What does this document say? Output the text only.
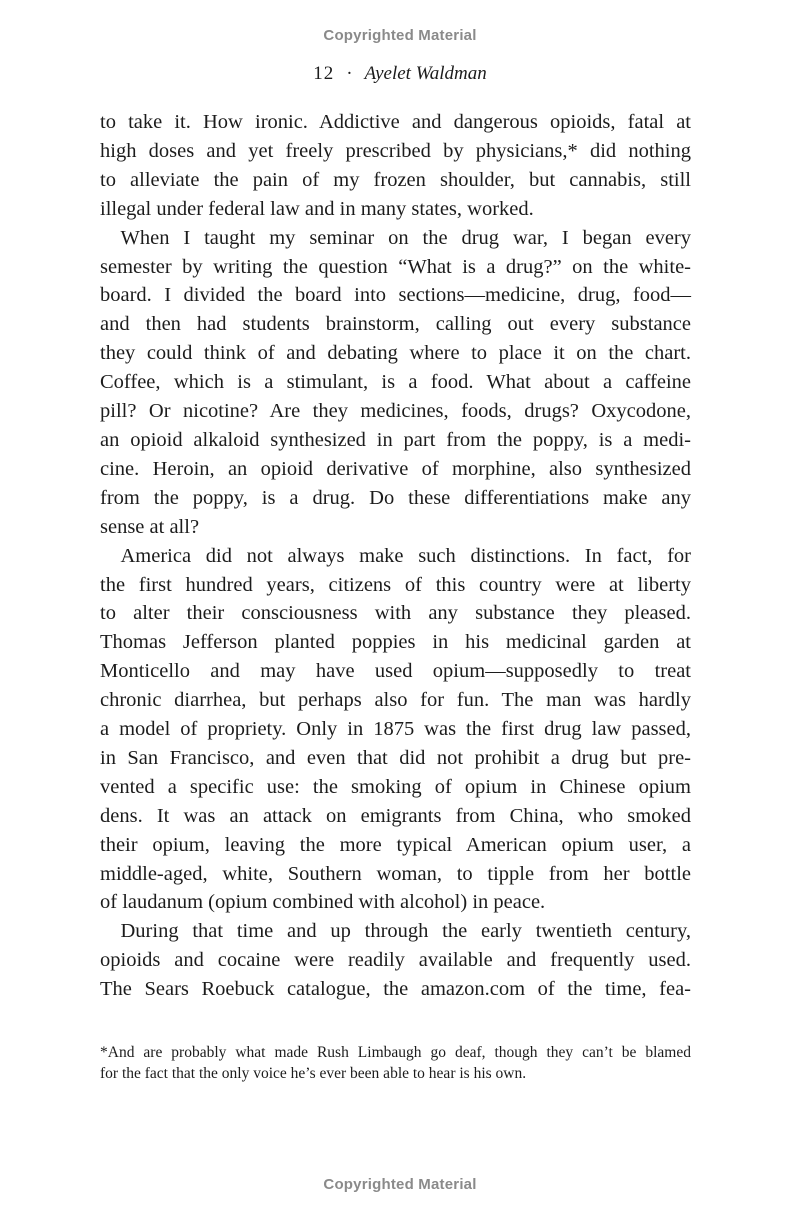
Copyrighted Material
12 · Ayelet Waldman

to take it. How ironic. Addictive and dangerous opioids, fatal at

high doses and yet freely prescribed by physicians,* did nothing

to alleviate the pain of my frozen shoulder, but cannabis, still

illegal under federal law and in many states, worked.

 When I taught my seminar on the drug war, I began every

semester by writing the question “What is a drug?” on the white-

board. I divided the board into sections—medicine, drug, food—

and then had students brainstorm, calling out every substance

they could think of and debating where to place it on the chart.

Coffee, which is a stimulant, is a food. What about a caffeine

pill? Or nicotine? Are they medicines, foods, drugs? Oxycodone,

an opioid alkaloid synthesized in part from the poppy, is a medi-

cine. Heroin, an opioid derivative of morphine, also synthesized

from the poppy, is a drug. Do these differentiations make any

sense at all?

 America did not always make such distinctions. In fact, for

the first hundred years, citizens of this country were at liberty

to alter their consciousness with any substance they pleased.

Thomas Jefferson planted poppies in his medicinal garden at

Monticello and may have used opium—supposedly to treat

chronic diarrhea, but perhaps also for fun. The man was hardly

a model of propriety. Only in 1875 was the first drug law passed,

in San Francisco, and even that did not prohibit a drug but pre-

vented a specific use: the smoking of opium in Chinese opium

dens. It was an attack on emigrants from China, who smoked

their opium, leaving the more typical American opium user, a

middle-aged, white, Southern woman, to tipple from her bottle

of laudanum (opium combined with alcohol) in peace.

 During that time and up through the early twentieth century,

opioids and cocaine were readily available and frequently used.

The Sears Roebuck catalogue, the amazon.com of the time, fea-

*And are probably what made Rush Limbaugh go deaf, though they can’t be blamed

for the fact that the only voice he’s ever been able to hear is his own.

Copyrighted Material
